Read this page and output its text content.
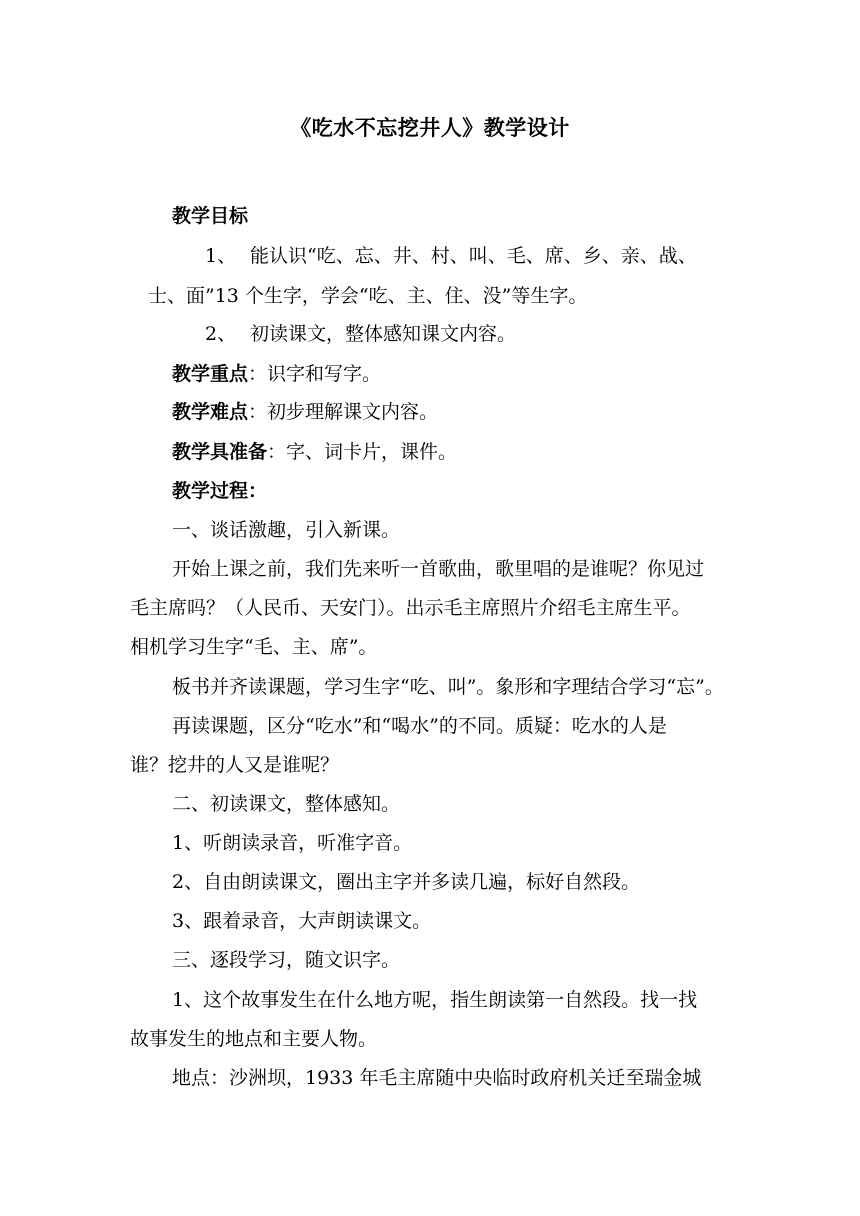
《吃水不忘挖井人》教学设计
教学目标
1、 能认识“吃、忘、井、村、叫、毛、席、乡、亲、战、
士、面”13 个生字，学会“吃、主、住、没”等生字。
2、 初读课文，整体感知课文内容。
教学重点：识字和写字。
教学难点：初步理解课文内容。
教学具准备：字、词卡片，课件。
教学过程：
一、谈话激趣，引入新课。
开始上课之前，我们先来听一首歌曲，歌里唱的是谁呢？你见过
毛主席吗？（人民币、天安门）。出示毛主席照片介绍毛主席生平。
相机学习生字“毛、主、席”。
板书并齐读课题，学习生字“吃、叫”。象形和字理结合学习“忘”。
再读课题，区分“吃水”和“喝水”的不同。质疑：吃水的人是
谁？挖井的人又是谁呢？
二、初读课文，整体感知。
1、听朗读录音，听准字音。
2、自由朗读课文，圈出主字并多读几遍，标好自然段。
3、跟着录音，大声朗读课文。
三、逐段学习，随文识字。
1、这个故事发生在什么地方呢，指生朗读第一自然段。找一找
故事发生的地点和主要人物。
地点：沙洲坝，1933 年毛主席随中央临时政府机关迁至瑞金城
